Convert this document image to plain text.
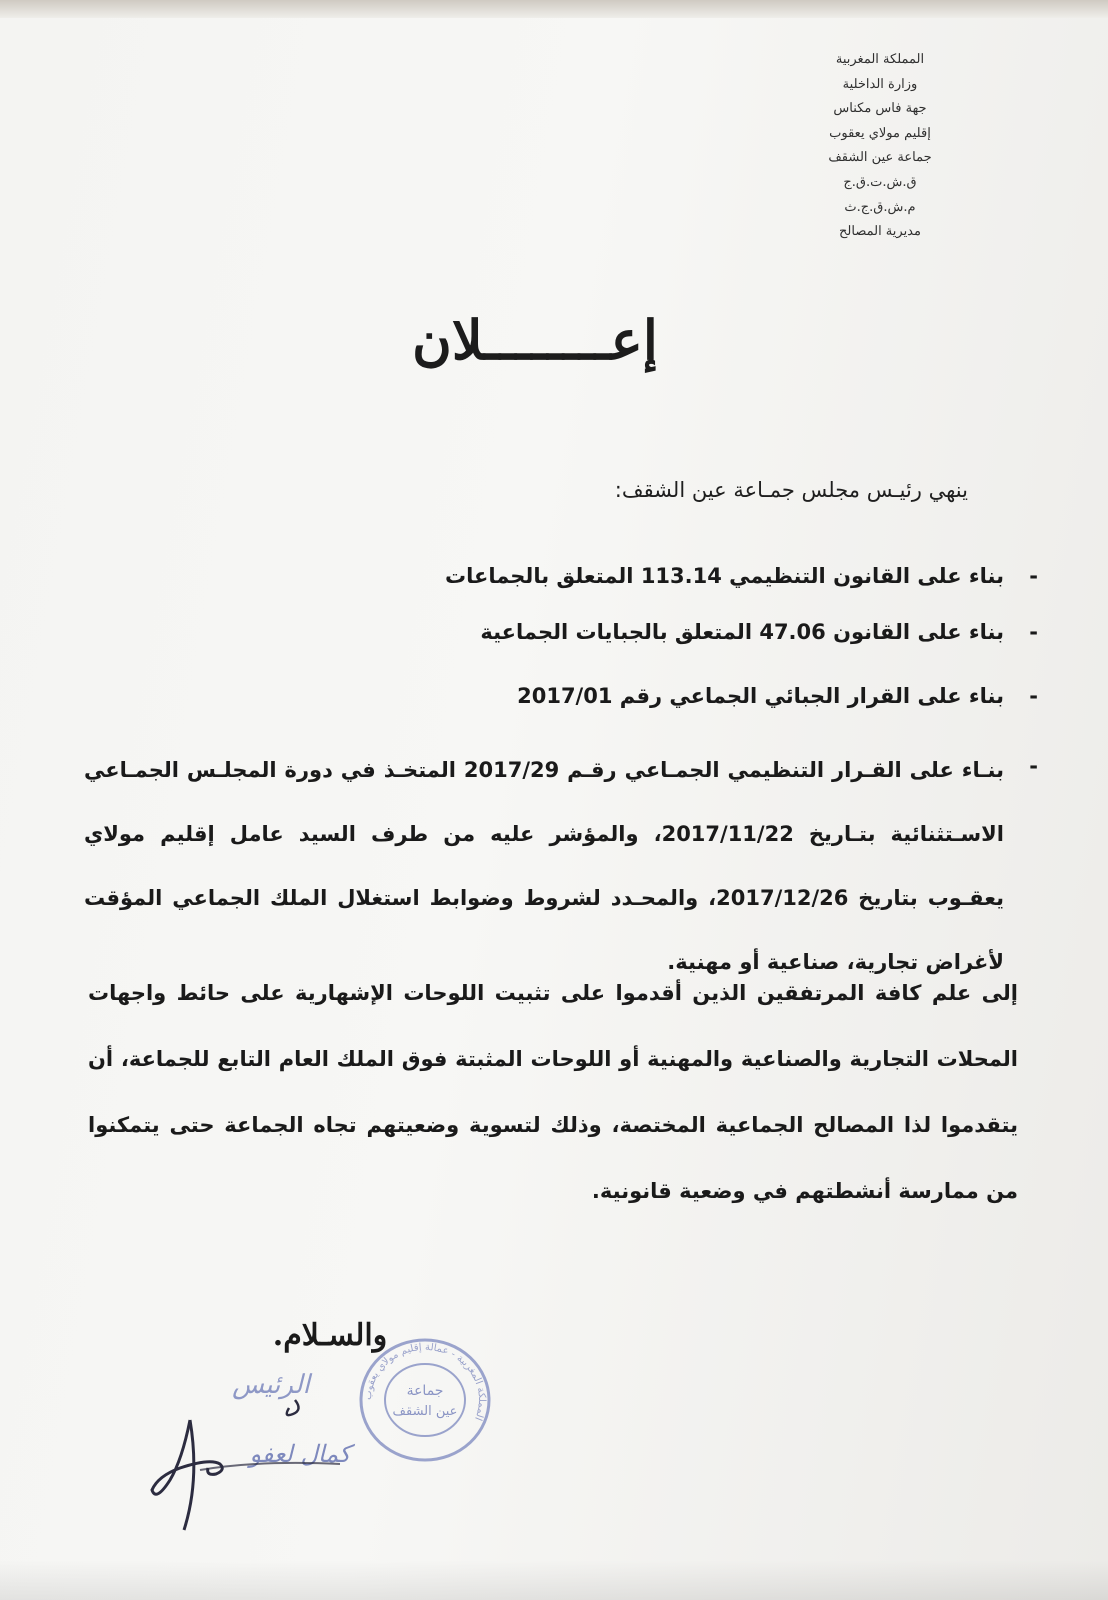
المملكة المغربية
وزارة الداخلية
جهة فاس مكناس
إقليم مولاي يعقوب
جماعة عين الشقف
ق.ش.ت.ق.ج
م.ش.ق.ج.ث
مديرية المصالح
إعــــــــلان
ينهي رئيـس مجلس جمـاعة عين الشقف:
-
بناء على القانون التنظيمي 113.14 المتعلق بالجماعات
-
بناء على القانون 47.06 المتعلق بالجبايات الجماعية
-
بناء على القرار الجبائي الجماعي رقم 2017/01
-
بنـاء على القـرار التنظيمي الجمـاعي رقـم 2017/29 المتخـذ في دورة المجلـس الجمـاعي الاسـتثنائية بتـاريخ 2017/11/22، والمؤشر عليه من طرف السيد عامل إقليم مولاي يعقـوب بتاريخ 2017/12/26، والمحـدد لشروط وضوابط استغلال الملك الجماعي المؤقت لأغراض تجارية، صناعية أو مهنية.
إلى علم كافة المرتفقين الذين أقدموا على تثبيت اللوحات الإشهارية على حائط واجهات المحلات التجارية والصناعية والمهنية أو اللوحات المثبتة فوق الملك العام التابع للجماعة، أن يتقدموا لذا المصالح الجماعية المختصة، وذلك لتسوية وضعيتهم تجاه الجماعة حتى يتمكنوا من ممارسة أنشطتهم في وضعية قانونية.
والسـلام.
الرئيس	المملكة المغربية - عمالة إقليم مولاي يعقوب
جماعة
عين الشقف
كمال لعفو
